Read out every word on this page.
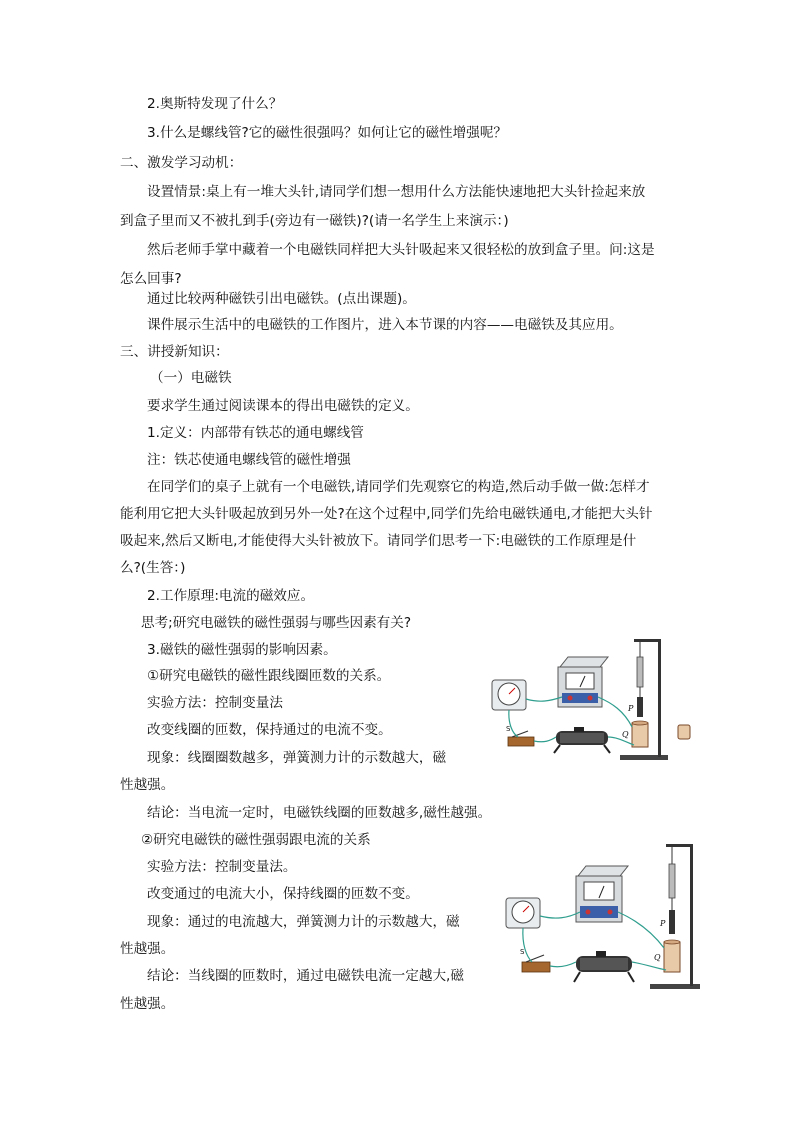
2.奥斯特发现了什么？

3.什么是螺线管?它的磁性很强吗？如何让它的磁性增强呢？

二、激发学习动机：

设置情景:桌上有一堆大头针,请同学们想一想用什么方法能快速地把大头针捡起来放

到盒子里而又不被扎到手(旁边有一磁铁)?(请一名学生上来演示：)

然后老师手掌中藏着一个电磁铁同样把大头针吸起来又很轻松的放到盒子里。问:这是

怎么回事?

通过比较两种磁铁引出电磁铁。(点出课题)。

课件展示生活中的电磁铁的工作图片，进入本节课的内容——电磁铁及其应用。

三、讲授新知识：

（一）电磁铁

要求学生通过阅读课本的得出电磁铁的定义。

1.定义：内部带有铁芯的通电螺线管

注：铁芯使通电螺线管的磁性增强

在同学们的桌子上就有一个电磁铁,请同学们先观察它的构造,然后动手做一做:怎样才

能利用它把大头针吸起放到另外一处?在这个过程中,同学们先给电磁铁通电,才能把大头针

吸起来,然后又断电,才能使得大头针被放下。请同学们思考一下:电磁铁的工作原理是什

么?(生答：)

2.工作原理:电流的磁效应。

思考;研究电磁铁的磁性强弱与哪些因素有关?

3.磁铁的磁性强弱的影响因素。

①研究电磁铁的磁性跟线圈匝数的关系。

实验方法：控制变量法

改变线圈的匝数，保持通过的电流不变。

现象：线圈圈数越多，弹簧测力计的示数越大，磁

性越强。

结论：当电流一定时，电磁铁线圈的匝数越多,磁性越强。

②研究电磁铁的磁性强弱跟电流的关系

实验方法：控制变量法。

改变通过的电流大小，保持线圈的匝数不变。

现象：通过的电流越大，弹簧测力计的示数越大，磁

性越强。

结论：当线圈的匝数时，通过电磁铁电流一定越大,磁

性越强。

P
Q
S
P
Q
S
